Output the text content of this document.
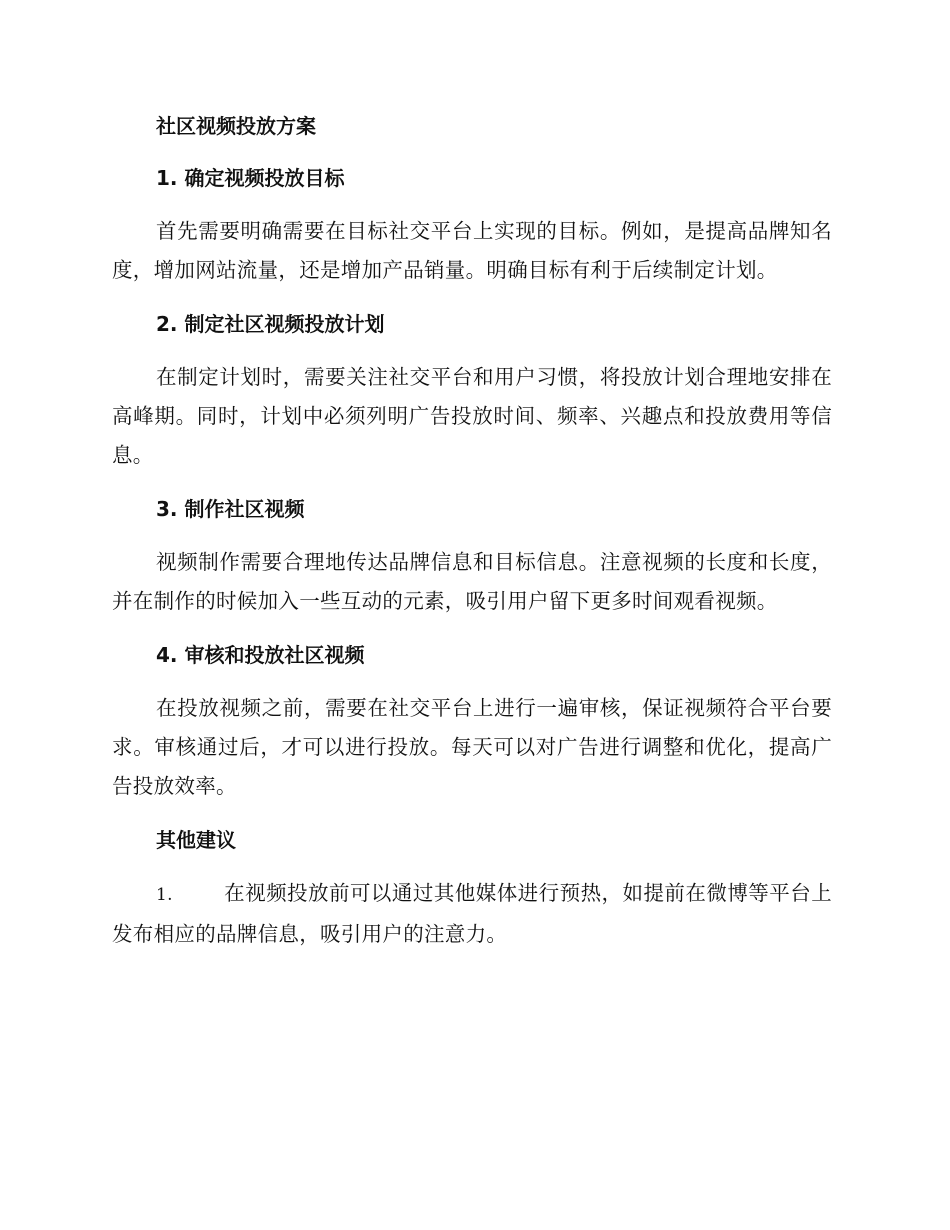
社区视频投放方案
1. 确定视频投放目标

首先需要明确需要在目标社交平台上实现的目标。例如，是提高品牌知名度，增加网站流量，还是增加产品销量。明确目标有利于后续制定计划。

2. 制定社区视频投放计划

在制定计划时，需要关注社交平台和用户习惯，将投放计划合理地安排在高峰期。同时，计划中必须列明广告投放时间、频率、兴趣点和投放费用等信息。

3. 制作社区视频

视频制作需要合理地传达品牌信息和目标信息。注意视频的长度和长度，并在制作的时候加入一些互动的元素，吸引用户留下更多时间观看视频。

4. 审核和投放社区视频

在投放视频之前，需要在社交平台上进行一遍审核，保证视频符合平台要求。审核通过后，才可以进行投放。每天可以对广告进行调整和优化，提高广告投放效率。

其他建议

1. 在视频投放前可以通过其他媒体进行预热，如提前在微博等平台上发布相应的品牌信息，吸引用户的注意力。
